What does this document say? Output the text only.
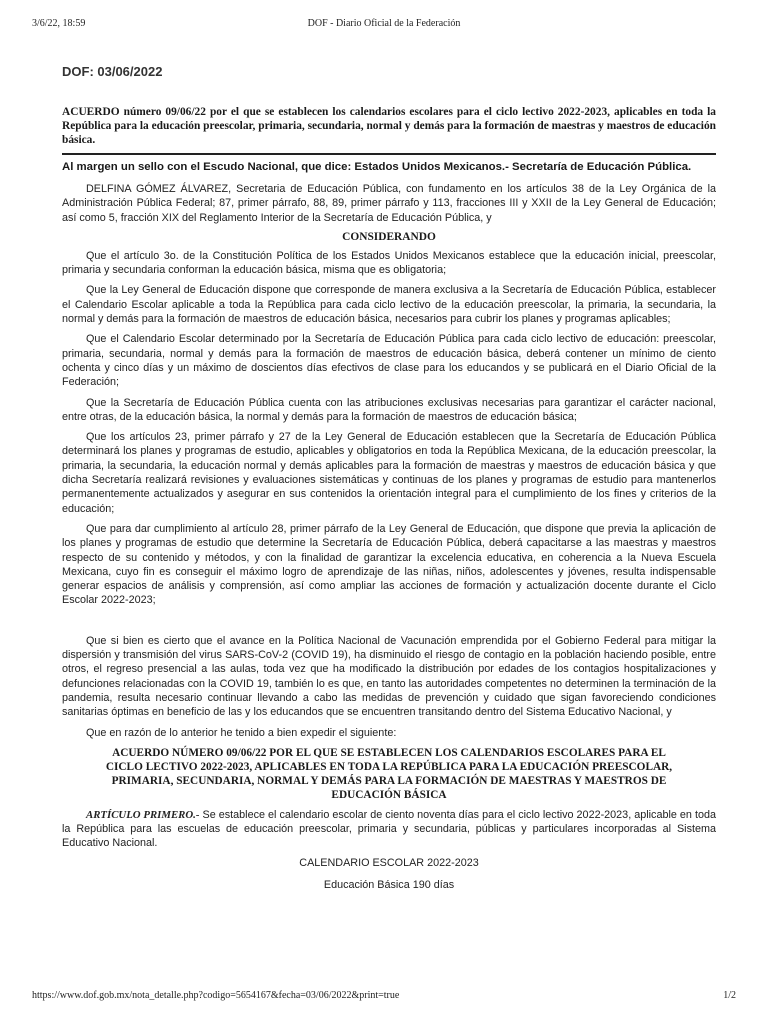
3/6/22, 18:59	DOF - Diario Oficial de la Federación
DOF: 03/06/2022
ACUERDO número 09/06/22 por el que se establecen los calendarios escolares para el ciclo lectivo 2022-2023, aplicables en toda la República para la educación preescolar, primaria, secundaria, normal y demás para la formación de maestras y maestros de educación básica.
Al margen un sello con el Escudo Nacional, que dice: Estados Unidos Mexicanos.- Secretaría de Educación Pública.

DELFINA GÓMEZ ÁLVAREZ, Secretaria de Educación Pública, con fundamento en los artículos 38 de la Ley Orgánica de la Administración Pública Federal; 87, primer párrafo, 88, 89, primer párrafo y 113, fracciones III y XXII de la Ley General de Educación; así como 5, fracción XIX del Reglamento Interior de la Secretaría de Educación Pública, y

CONSIDERANDO

Que el artículo 3o. de la Constitución Política de los Estados Unidos Mexicanos establece que la educación inicial, preescolar, primaria y secundaria conforman la educación básica, misma que es obligatoria;

Que la Ley General de Educación dispone que corresponde de manera exclusiva a la Secretaría de Educación Pública, establecer el Calendario Escolar aplicable a toda la República para cada ciclo lectivo de la educación preescolar, la primaria, la secundaria, la normal y demás para la formación de maestros de educación básica, necesarios para cubrir los planes y programas aplicables;

Que el Calendario Escolar determinado por la Secretaría de Educación Pública para cada ciclo lectivo de educación: preescolar, primaria, secundaria, normal y demás para la formación de maestros de educación básica, deberá contener un mínimo de ciento ochenta y cinco días y un máximo de doscientos días efectivos de clase para los educandos y se publicará en el Diario Oficial de la Federación;

Que la Secretaría de Educación Pública cuenta con las atribuciones exclusivas necesarias para garantizar el carácter nacional, entre otras, de la educación básica, la normal y demás para la formación de maestros de educación básica;

Que los artículos 23, primer párrafo y 27 de la Ley General de Educación establecen que la Secretaría de Educación Pública determinará los planes y programas de estudio, aplicables y obligatorios en toda la República Mexicana, de la educación preescolar, la primaria, la secundaria, la educación normal y demás aplicables para la formación de maestras y maestros de educación básica y que dicha Secretaría realizará revisiones y evaluaciones sistemáticas y continuas de los planes y programas de estudio para mantenerlos permanentemente actualizados y asegurar en sus contenidos la orientación integral para el cumplimiento de los fines y criterios de la educación;

Que para dar cumplimiento al artículo 28, primer párrafo de la Ley General de Educación, que dispone que previa la aplicación de los planes y programas de estudio que determine la Secretaría de Educación Pública, deberá capacitarse a las maestras y maestros respecto de su contenido y métodos, y con la finalidad de garantizar la excelencia educativa, en coherencia a la Nueva Escuela Mexicana, cuyo fin es conseguir el máximo logro de aprendizaje de las niñas, niños, adolescentes y jóvenes, resulta indispensable generar espacios de análisis y comprensión, así como ampliar las acciones de formación y actualización docente durante el Ciclo Escolar 2022-2023;

Que si bien es cierto que el avance en la Política Nacional de Vacunación emprendida por el Gobierno Federal para mitigar la dispersión y transmisión del virus SARS-CoV-2 (COVID 19), ha disminuido el riesgo de contagio en la población haciendo posible, entre otros, el regreso presencial a las aulas, toda vez que ha modificado la distribución por edades de los contagios hospitalizaciones y defunciones relacionadas con la COVID 19, también lo es que, en tanto las autoridades competentes no determinen la terminación de la pandemia, resulta necesario continuar llevando a cabo las medidas de prevención y cuidado que sigan favoreciendo condiciones sanitarias óptimas en beneficio de las y los educandos que se encuentren transitando dentro del Sistema Educativo Nacional, y

Que en razón de lo anterior he tenido a bien expedir el siguiente:

ACUERDO NÚMERO 09/06/22 POR EL QUE SE ESTABLECEN LOS CALENDARIOS ESCOLARES PARA EL CICLO LECTIVO 2022-2023, APLICABLES EN TODA LA REPÚBLICA PARA LA EDUCACIÓN PREESCOLAR, PRIMARIA, SECUNDARIA, NORMAL Y DEMÁS PARA LA FORMACIÓN DE MAESTRAS Y MAESTROS DE EDUCACIÓN BÁSICA

ARTÍCULO PRIMERO.- Se establece el calendario escolar de ciento noventa días para el ciclo lectivo 2022-2023, aplicable en toda la República para las escuelas de educación preescolar, primaria y secundaria, públicas y particulares incorporadas al Sistema Educativo Nacional.

CALENDARIO ESCOLAR 2022-2023
Educación Básica 190 días
https://www.dof.gob.mx/nota_detalle.php?codigo=5654167&fecha=03/06/2022&print=true	1/2
